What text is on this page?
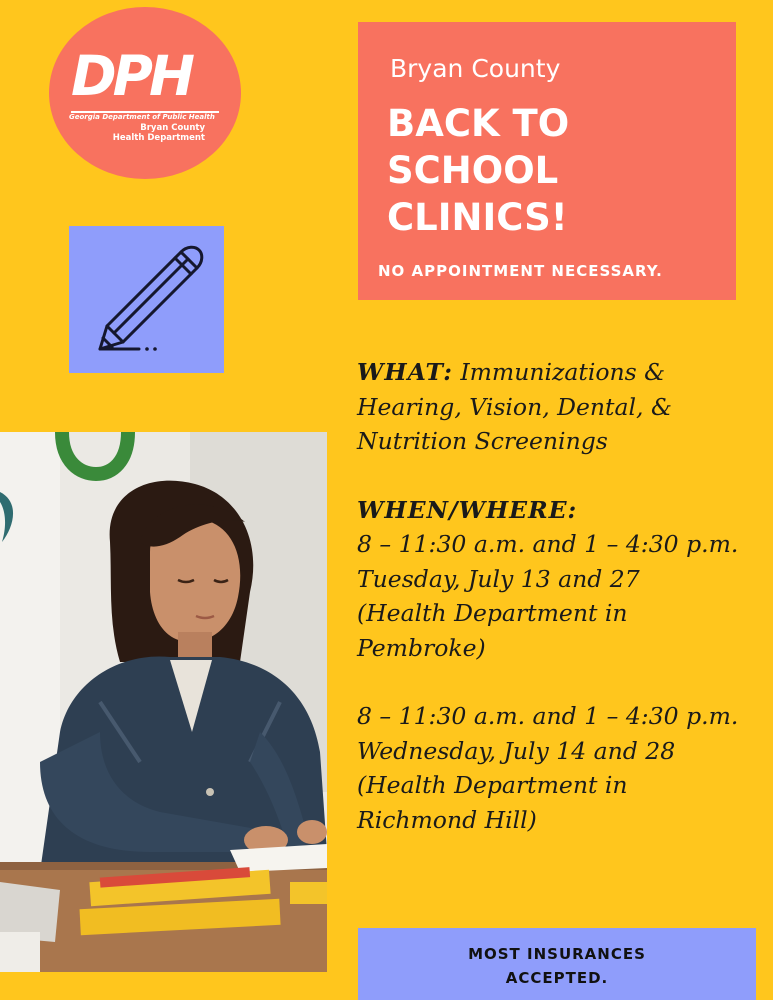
DPH
Georgia Department of Public Health
Bryan County
Health Department
Bryan County
BACK TO
SCHOOL
CLINICS!
NO APPOINTMENT NECESSARY.
WHAT: Immunizations &
Hearing, Vision, Dental, &
Nutrition Screenings
WHEN/WHERE:
8 – 11:30 a.m. and 1 – 4:30 p.m.
Tuesday, July 13 and 27
(Health Department in
Pembroke)
8 – 11:30 a.m. and 1 – 4:30 p.m.
Wednesday, July 14 and 28
(Health Department in
Richmond Hill)
MOST INSURANCES
ACCEPTED.
